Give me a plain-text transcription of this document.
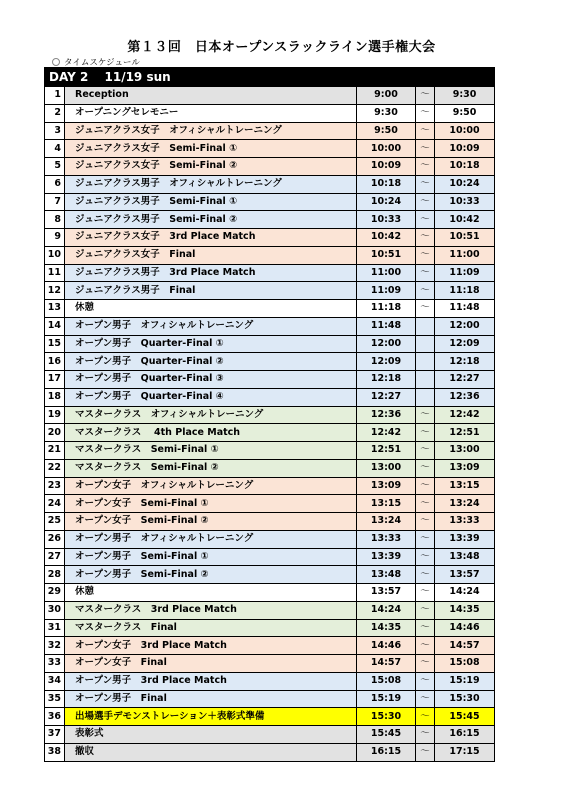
第１３回　日本オープンスラックライン選手権大会
タイムスケジュール
DAY 2　 11/19 sun				
1	Reception	9:00	〜	9:30
2	オープニングセレモニー	9:30	〜	9:50
3	ジュニアクラス女子　オフィシャルトレーニング	9:50	〜	10:00
4	ジュニアクラス女子　Semi-Final ①	10:00	〜	10:09
5	ジュニアクラス女子　Semi-Final ②	10:09	〜	10:18
6	ジュニアクラス男子　オフィシャルトレーニング	10:18	〜	10:24
7	ジュニアクラス男子　Semi-Final ①	10:24	〜	10:33
8	ジュニアクラス男子　Semi-Final ②	10:33	〜	10:42
9	ジュニアクラス女子　3rd Place Match	10:42	〜	10:51
10	ジュニアクラス女子　Final	10:51	〜	11:00
11	ジュニアクラス男子　3rd Place Match	11:00	〜	11:09
12	ジュニアクラス男子　Final	11:09	〜	11:18
13	休憩	11:18	〜	11:48
14	オープン男子　オフィシャルトレーニング	11:48		12:00
15	オープン男子　Quarter-Final ①	12:00		12:09
16	オープン男子　Quarter-Final ②	12:09		12:18
17	オープン男子　Quarter-Final ③	12:18		12:27
18	オープン男子　Quarter-Final ④	12:27		12:36
19	マスタークラス　オフィシャルトレーニング	12:36	〜	12:42
20	マスタークラス　 4th Place Match	12:42	〜	12:51
21	マスタークラス　Semi-Final ①	12:51	〜	13:00
22	マスタークラス　Semi-Final ②	13:00	〜	13:09
23	オープン女子　オフィシャルトレーニング	13:09	〜	13:15
24	オープン女子　Semi-Final ①	13:15	〜	13:24
25	オープン女子　Semi-Final ②	13:24	〜	13:33
26	オープン男子　オフィシャルトレーニング	13:33	〜	13:39
27	オープン男子　Semi-Final ①	13:39	〜	13:48
28	オープン男子　Semi-Final ②	13:48	〜	13:57
29	休憩	13:57	〜	14:24
30	マスタークラス　3rd Place Match	14:24	〜	14:35
31	マスタークラス　Final	14:35	〜	14:46
32	オープン女子　3rd Place Match	14:46	〜	14:57
33	オープン女子　Final	14:57	〜	15:08
34	オープン男子　3rd Place Match	15:08	〜	15:19
35	オープン男子　Final	15:19	〜	15:30
36	出場選手デモンストレーション＋表彰式準備	15:30	〜	15:45
37	表彰式	15:45	〜	16:15
38	撤収	16:15	〜	17:15
